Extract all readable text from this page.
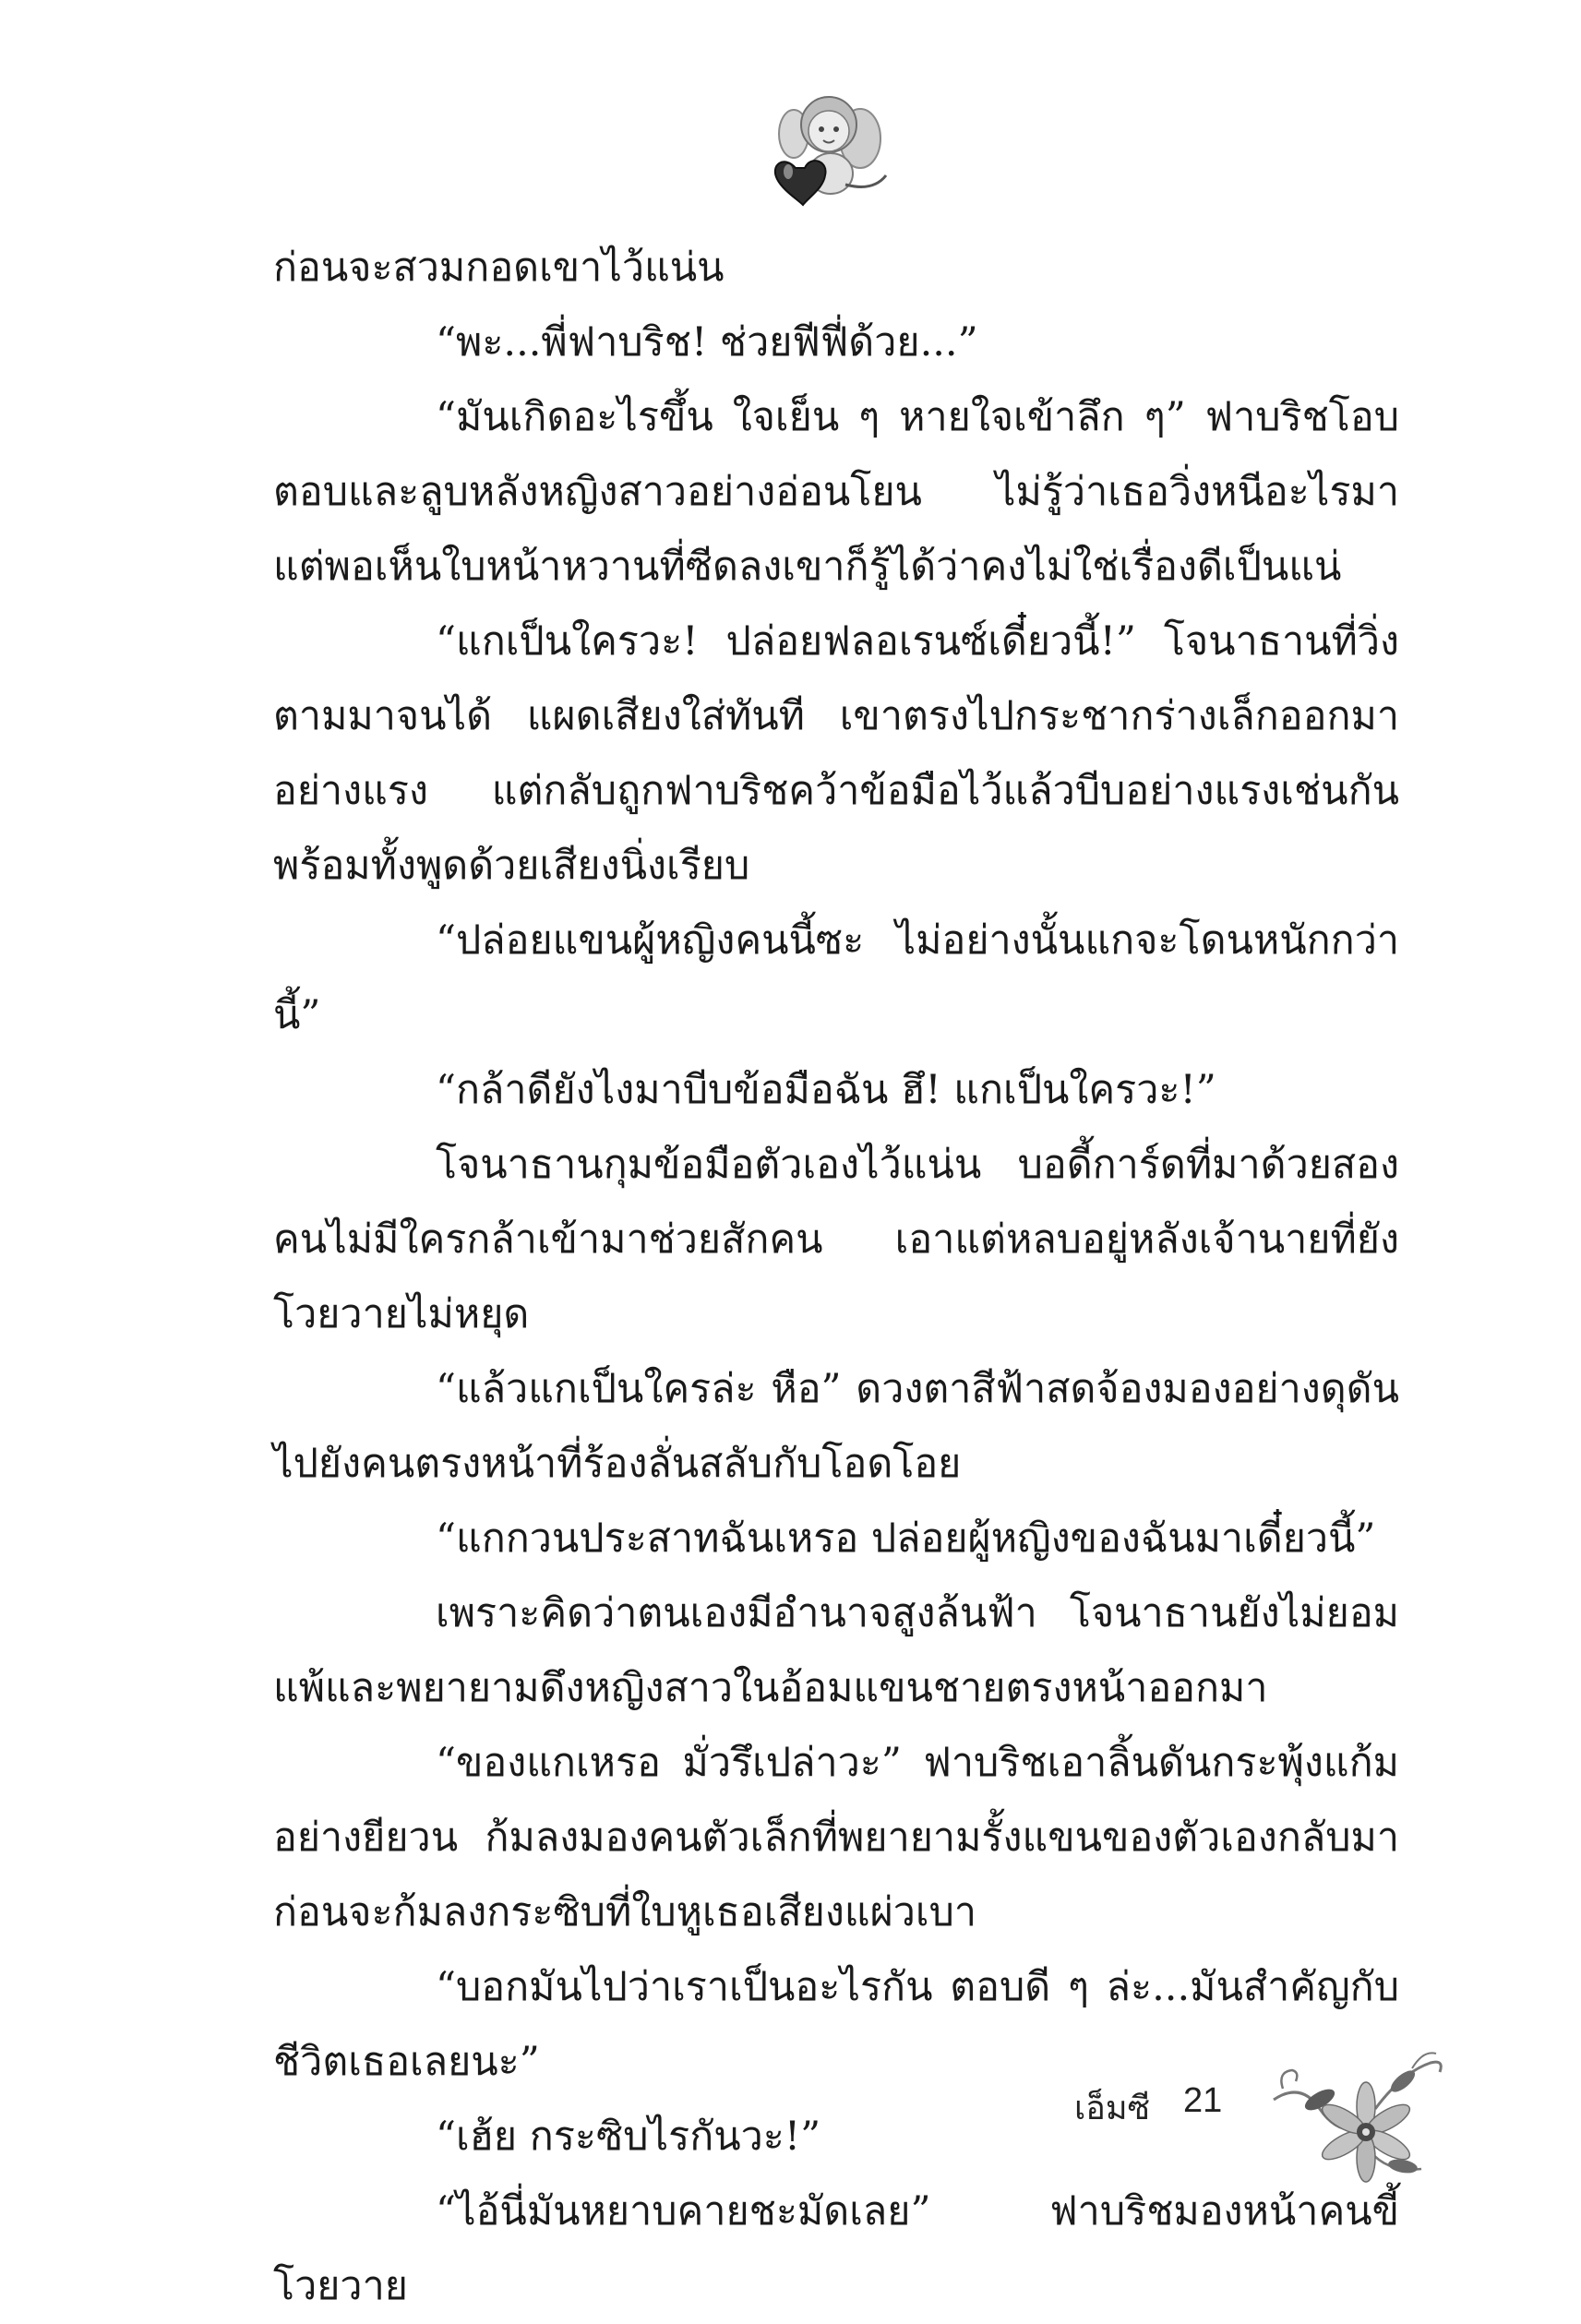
ก่อนจะสวมกอดเขาไว้แน่น

“พะ...พี่ฟาบริช! ช่วยฟีฟี่ด้วย...”

“มันเกิดอะไรขึ้น ใจเย็น ๆ หายใจเข้าลึก ๆ” ฟาบริชโอบตอบและลูบหลังหญิงสาวอย่างอ่อนโยน ไม่รู้ว่าเธอวิ่งหนีอะไรมา แต่พอเห็นใบหน้าหวานที่ซีดลงเขาก็รู้ได้ว่าคงไม่ใช่เรื่องดีเป็นแน่

“แกเป็นใครวะ! ปล่อยฟลอเรนซ์เดี๋ยวนี้!” โจนาธานที่วิ่งตามมาจนได้ แผดเสียงใส่ทันที เขาตรงไปกระชากร่างเล็กออกมาอย่างแรง แต่กลับถูกฟาบริชคว้าข้อมือไว้แล้วบีบอย่างแรงเช่นกัน พร้อมทั้งพูดด้วยเสียงนิ่งเรียบ

“ปล่อยแขนผู้หญิงคนนี้ซะ ไม่อย่างนั้นแกจะโดนหนักกว่านี้”

“กล้าดียังไงมาบีบข้อมือฉัน ฮึ! แกเป็นใครวะ!”

โจนาธานกุมข้อมือตัวเองไว้แน่น บอดี้การ์ดที่มาด้วยสองคนไม่มีใครกล้าเข้ามาช่วยสักคน เอาแต่หลบอยู่หลังเจ้านายที่ยังโวยวายไม่หยุด

“แล้วแกเป็นใครล่ะ หือ” ดวงตาสีฟ้าสดจ้องมองอย่างดุดันไปยังคนตรงหน้าที่ร้องลั่นสลับกับโอดโอย

“แกกวนประสาทฉันเหรอ ปล่อยผู้หญิงของฉันมาเดี๋ยวนี้”

เพราะคิดว่าตนเองมีอำนาจสูงล้นฟ้า โจนาธานยังไม่ยอมแพ้และพยายามดึงหญิงสาวในอ้อมแขนชายตรงหน้าออกมา

“ของแกเหรอ มั่วรึเปล่าวะ” ฟาบริชเอาลิ้นดันกระพุ้งแก้มอย่างยียวน ก้มลงมองคนตัวเล็กที่พยายามรั้งแขนของตัวเองกลับมาก่อนจะก้มลงกระซิบที่ใบหูเธอเสียงแผ่วเบา

“บอกมันไปว่าเราเป็นอะไรกัน ตอบดี ๆ ล่ะ...มันสำคัญกับชีวิตเธอเลยนะ”

“เฮ้ย กระซิบไรกันวะ!”

“ไอ้นี่มันหยาบคายชะมัดเลย” ฟาบริชมองหน้าคนขี้โวยวาย

เอ็มซี 21
